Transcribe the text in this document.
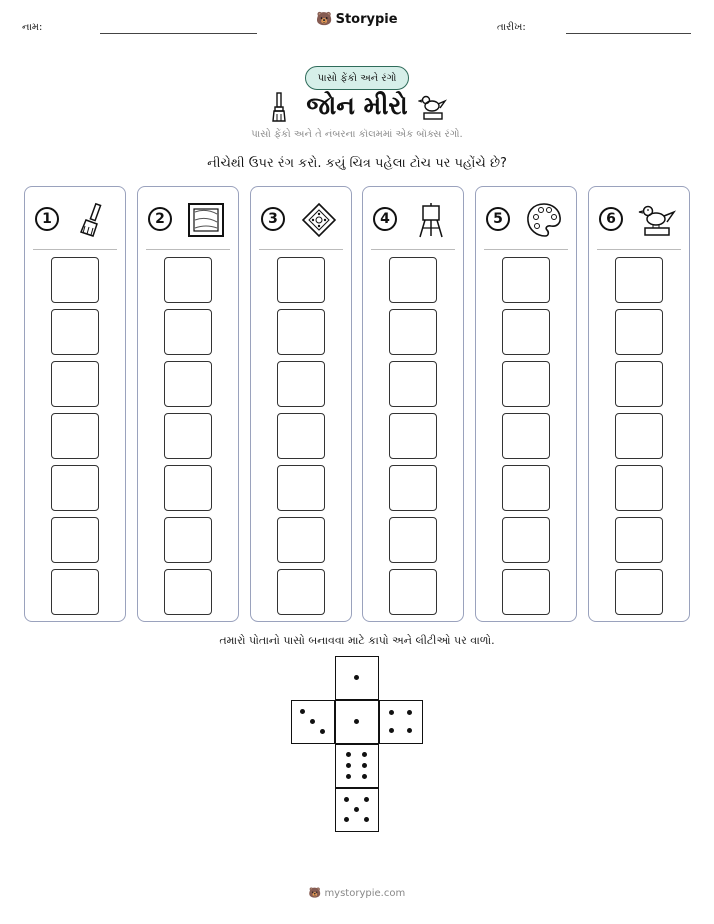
નામ:
🐻 Storypie
તારીખ:
પાસો ફેંકો અને રંગો
જોન મીરો
પાસો ફેંકો અને તે નંબરના કૉલમમાં એક બૉક્સ રંગો.
નીચેથી ઉપર રંગ કરો. કયું ચિત્ર પહેલા ટોચ પર પહોંચે છે?
1	2	3	4	5	6
તમારો પોતાનો પાસો બનાવવા માટે કાપો અને લીટીઓ પર વાળો.
🐻 mystorypie.com
